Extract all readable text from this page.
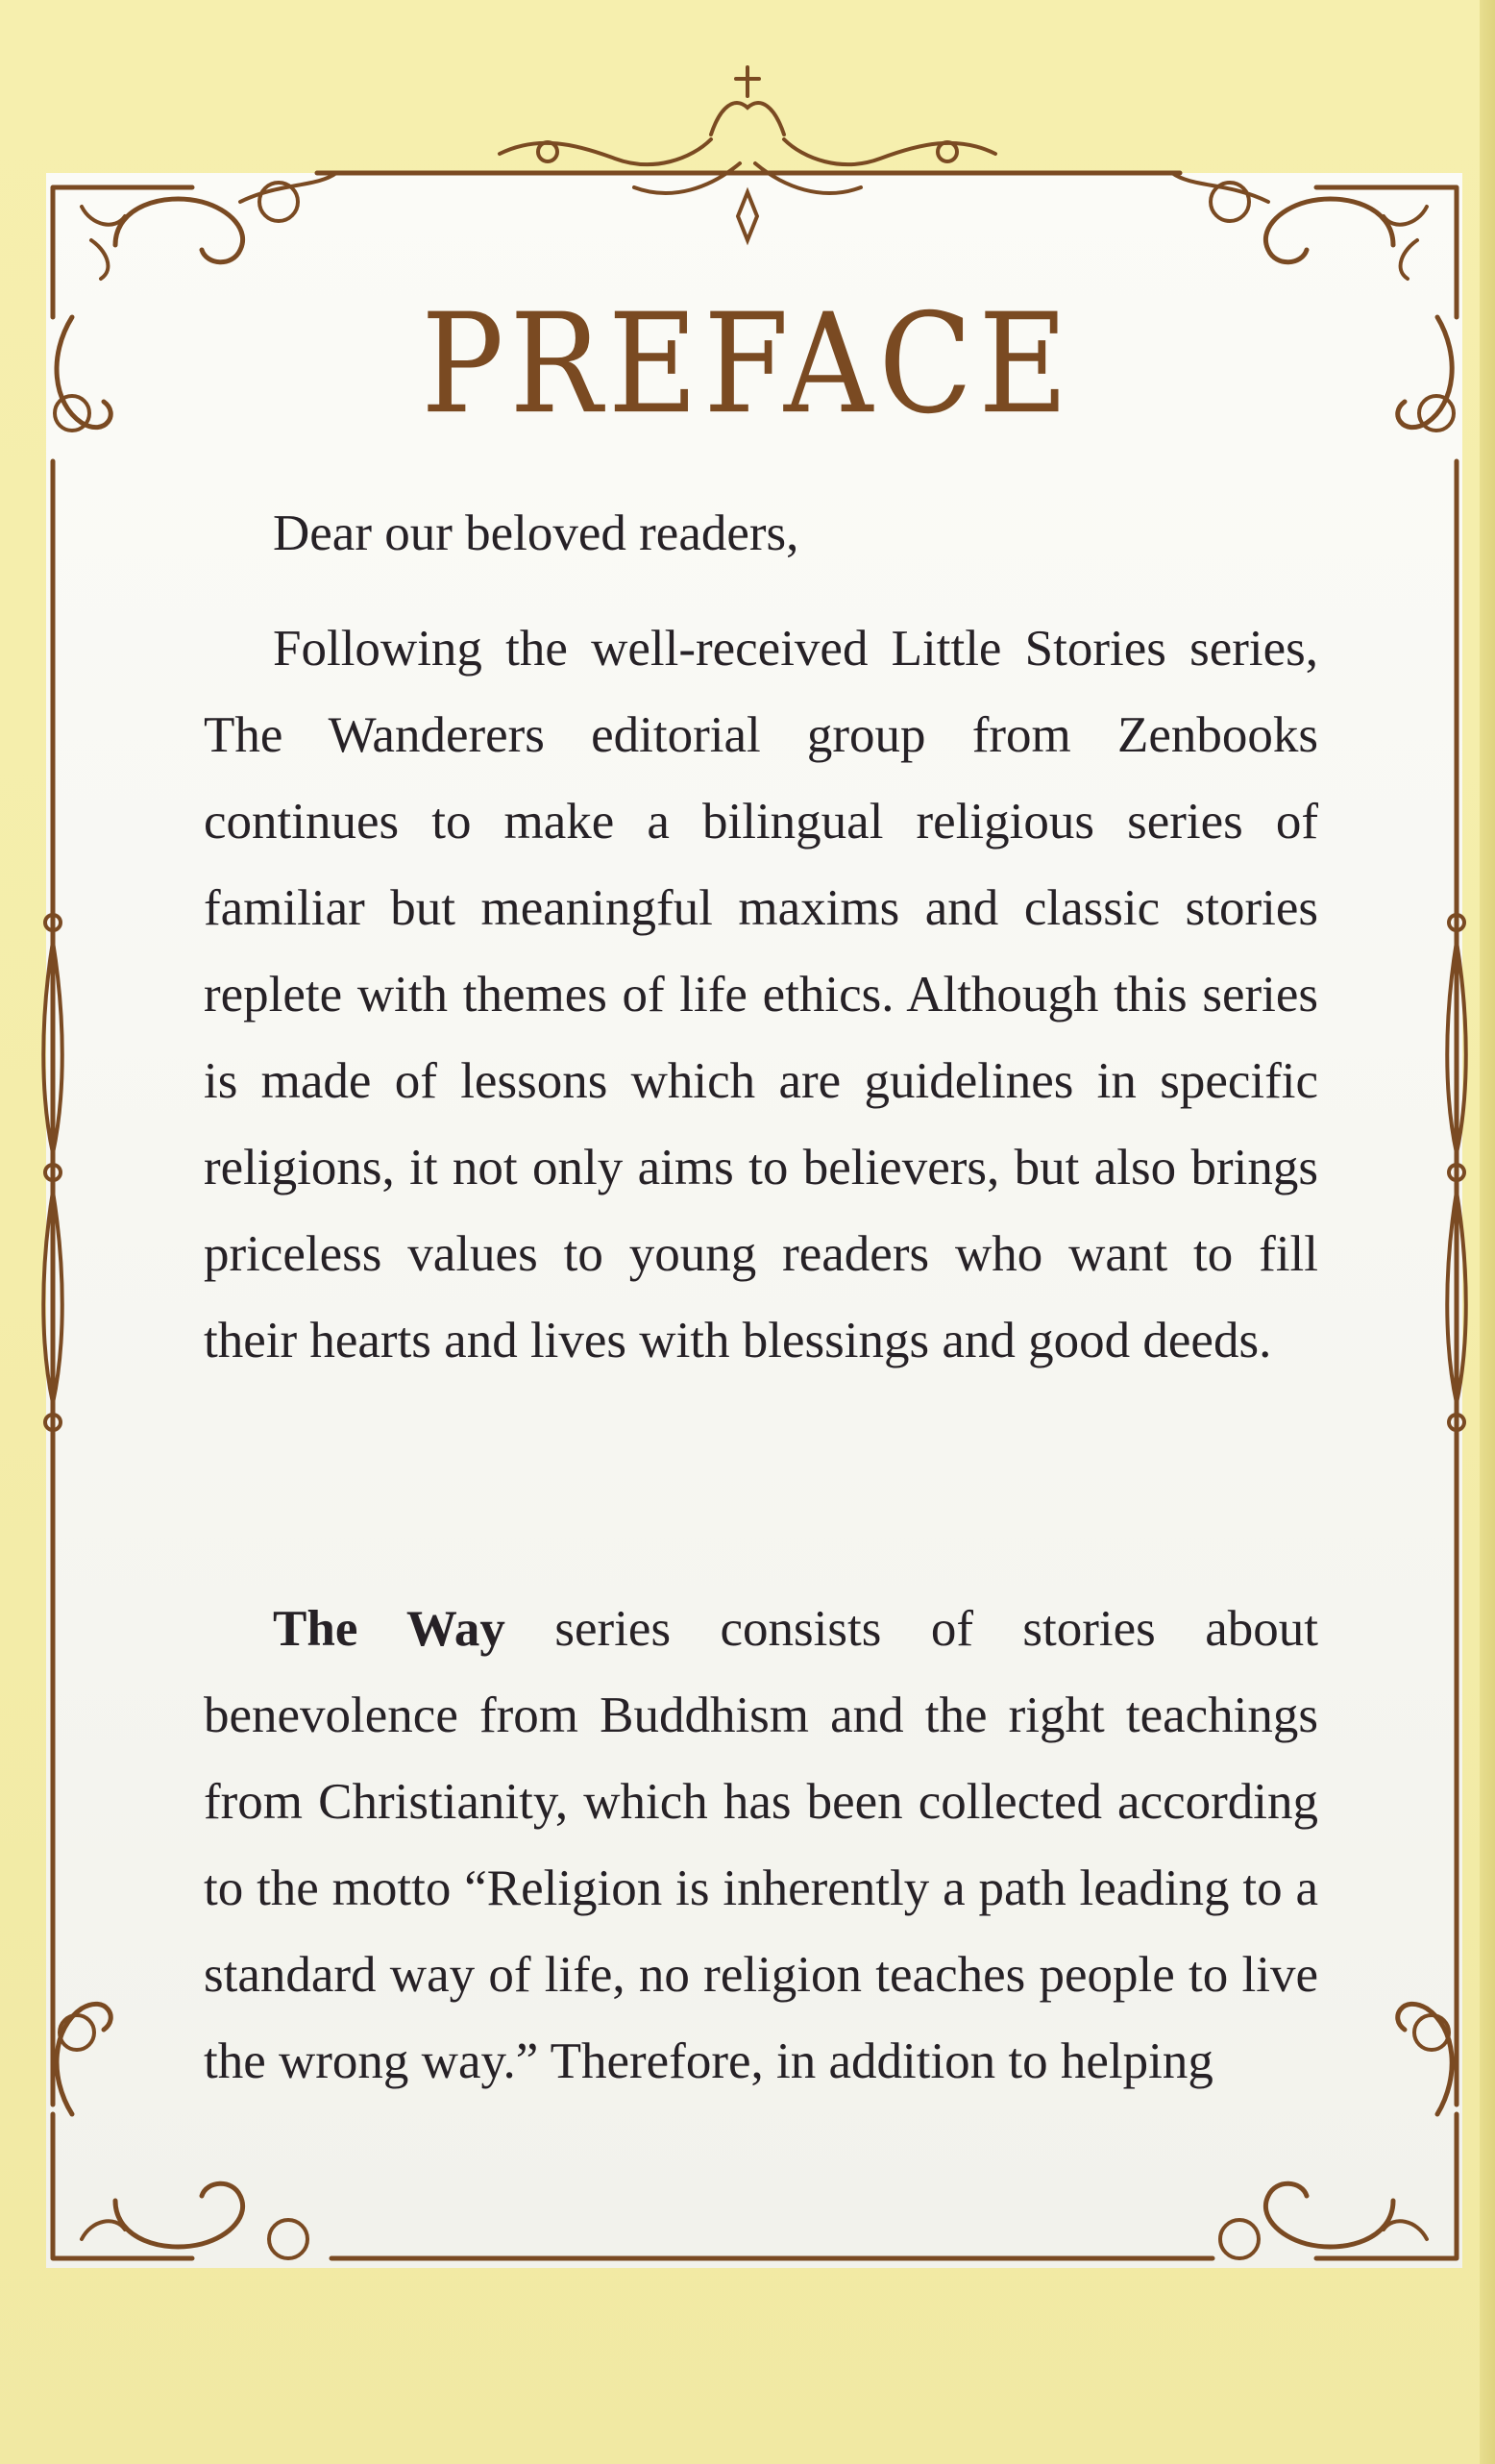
PREFACE

Dear our beloved readers,

Following the well-received Little Stories series, The Wanderers editorial group from Zenbooks continues to make a bilingual religious series of familiar but meaningful maxims and classic stories replete with themes of life ethics. Although this series is made of lessons which are guidelines in specific religions, it not only aims to believers, but also brings priceless values to young readers who want to fill their hearts and lives with blessings and good deeds.

The Way series consists of stories about benevolence from Buddhism and the right teachings from Christianity, which has been collected according to the motto “Religion is inherently a path leading to a standard way of life, no religion teaches people to live the wrong way.” Therefore, in addition to helping
